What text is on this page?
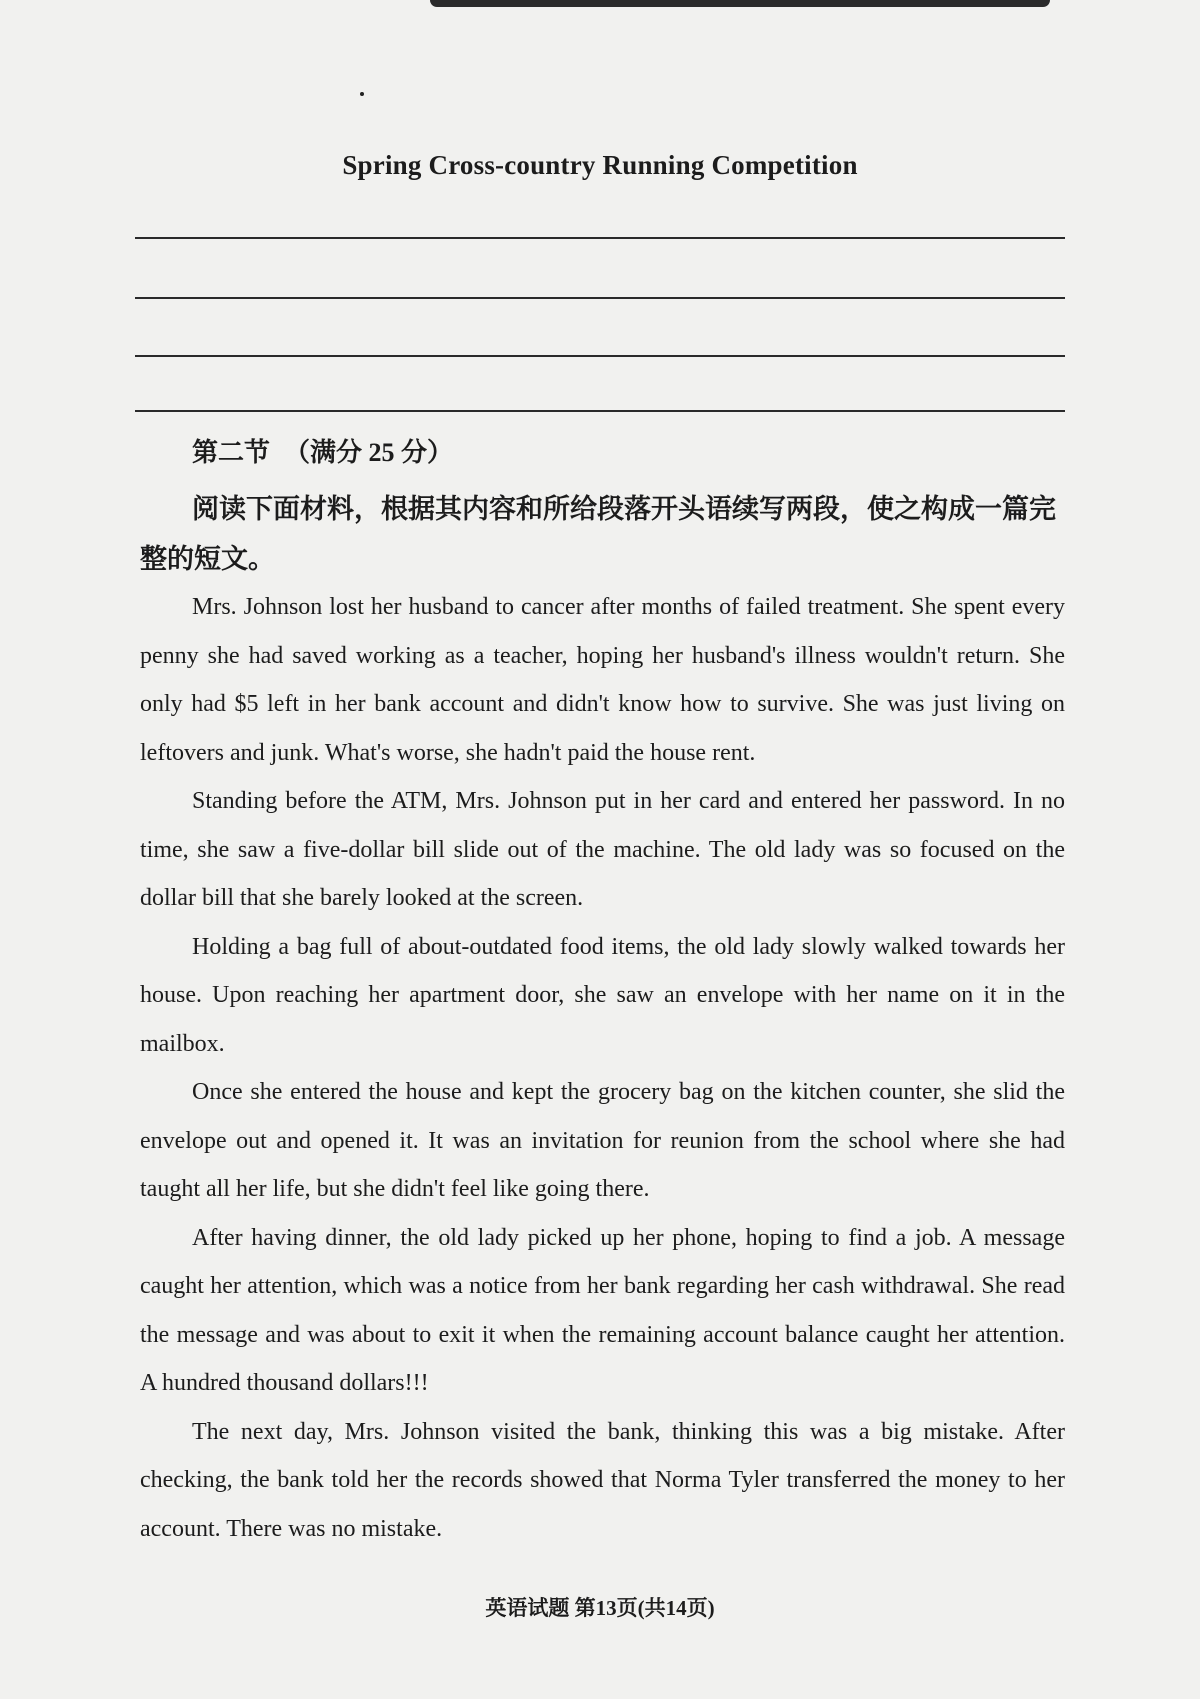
Spring Cross-country Running Competition
第二节 （满分 25 分）
阅读下面材料，根据其内容和所给段落开头语续写两段，使之构成一篇完整的短文。

Mrs. Johnson lost her husband to cancer after months of failed treatment. She spent every penny she had saved working as a teacher, hoping her husband's illness wouldn't return. She only had $5 left in her bank account and didn't know how to survive. She was just living on leftovers and junk. What's worse, she hadn't paid the house rent.

Standing before the ATM, Mrs. Johnson put in her card and entered her password. In no time, she saw a five-dollar bill slide out of the machine. The old lady was so focused on the dollar bill that she barely looked at the screen.

Holding a bag full of about-outdated food items, the old lady slowly walked towards her house. Upon reaching her apartment door, she saw an envelope with her name on it in the mailbox.

Once she entered the house and kept the grocery bag on the kitchen counter, she slid the envelope out and opened it. It was an invitation for reunion from the school where she had taught all her life, but she didn't feel like going there.

After having dinner, the old lady picked up her phone, hoping to find a job. A message caught her attention, which was a notice from her bank regarding her cash withdrawal. She read the message and was about to exit it when the remaining account balance caught her attention. A hundred thousand dollars!!!

The next day, Mrs. Johnson visited the bank, thinking this was a big mistake. After checking, the bank told her the records showed that Norma Tyler transferred the money to her account. There was no mistake.

英语试题 第13页(共14页)
